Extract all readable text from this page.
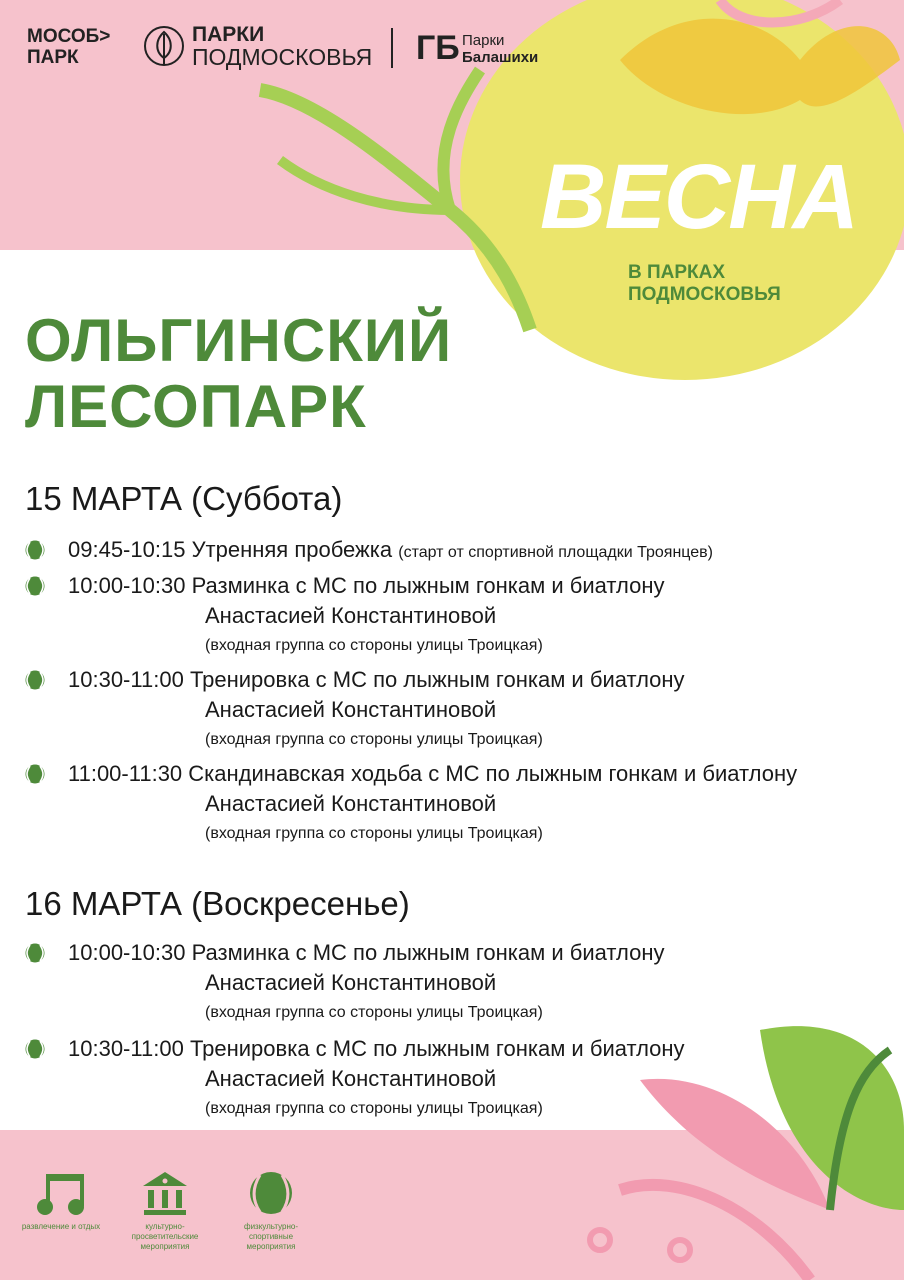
МОСОБ>
ПАРК
ПАРКИ
ПОДМОСКОВЬЯ ГБ Парки
Балашихи
ВЕСНА
В ПАРКАХ
ПОДМОСКОВЬЯ
ОЛЬГИНСКИЙ
ЛЕСОПАРК
15 МАРТА (Суббота)
09:45-10:15 Утренняя пробежка (старт от спортивной площадки Троянцев)
10:00-10:30 Разминка с МС по лыжным гонкам и биатлону
Анастасией Константиновой
(входная группа со стороны улицы Троицкая)
10:30-11:00 Тренировка с МС по лыжным гонкам и биатлону
Анастасией Константиновой
(входная группа со стороны улицы Троицкая)
11:00-11:30 Скандинавская ходьба с МС по лыжным гонкам и биатлону
Анастасией Константиновой
(входная группа со стороны улицы Троицкая)
16 МАРТА (Воскресенье)
10:00-10:30 Разминка с МС по лыжным гонкам и биатлону
Анастасией Константиновой
(входная группа со стороны улицы Троицкая)
10:30-11:00 Тренировка с МС по лыжным гонкам и биатлону
Анастасией Константиновой
(входная группа со стороны улицы Троицкая)
развлечение и отдых	культурно-просветительские мероприятия
физкультурно-спортивные мероприятия
